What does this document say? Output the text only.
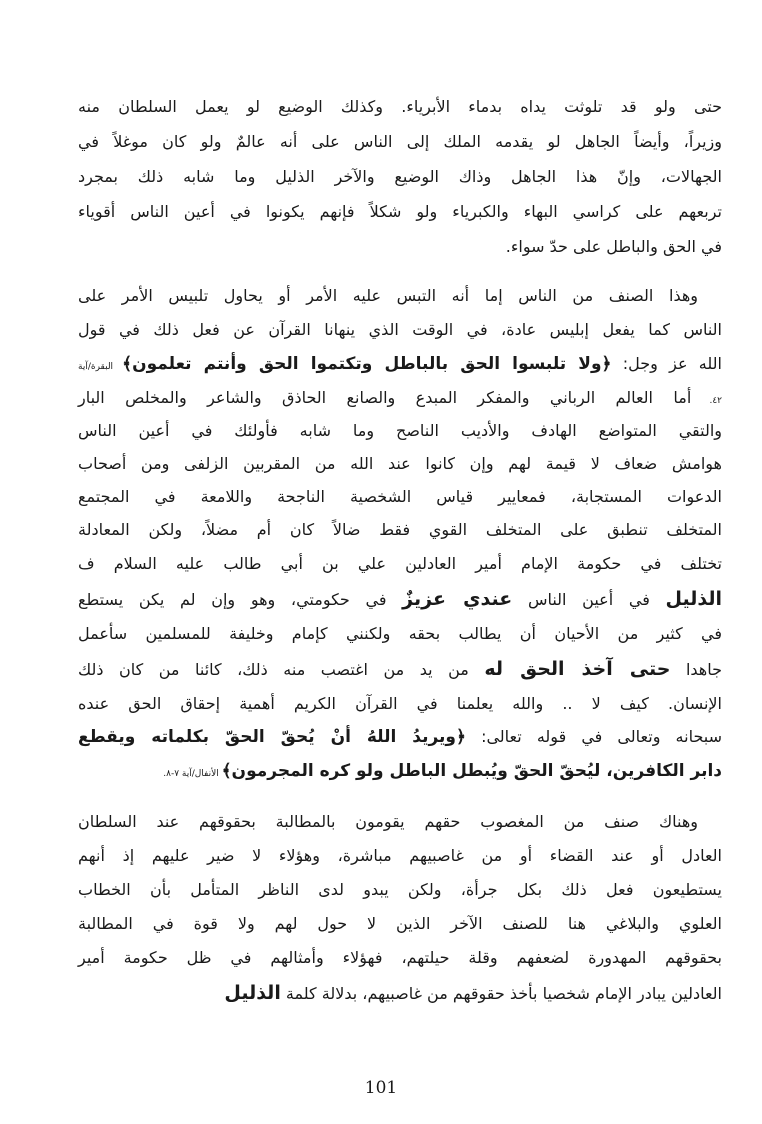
حتى ولو قد تلوثت يداه بدماء الأبرياء. وكذلك الوضيع لو يعمل السلطان منه
وزيراً، وأيضاً الجاهل لو يقدمه الملك إلى الناس على أنه عالمٌ ولو كان موغلاً في
الجهالات، وإنّ هذا الجاهل وذاك الوضيع والآخر الذليل وما شابه ذلك بمجرد
تربعهم على كراسي البهاء والكبرياء ولو شكلاً فإنهم يكونوا في أعين الناس أقوياء
في الحق والباطل على حدّ سواء.
وهذا الصنف من الناس إما أنه التبس عليه الأمر أو يحاول تلبيس الأمر على
الناس كما يفعل إبليس عادة، في الوقت الذي ينهانا القرآن عن فعل ذلك في قول
الله عز وجل: ﴿ولا تلبسوا الحق بالباطل وتكتموا الحق وأنتم تعلمون﴾ البقرة/آية
٤٢. أما العالم الرباني والمفكر المبدع والصانع الحاذق والشاعر والمخلص البار
والتقي المتواضع الهادف والأديب الناصح وما شابه فأولئك في أعين الناس
هوامش ضعاف لا قيمة لهم وإن كانوا عند الله من المقربين الزلفى ومن أصحاب
الدعوات المستجابة، فمعايير قياس الشخصية الناجحة واللامعة في المجتمع
المتخلف تنطبق على المتخلف القوي فقط ضالاً كان أم مضلاً، ولكن المعادلة
تختلف في حكومة الإمام أمير العادلين علي بن أبي طالب عليه السلام ف
الذليل في أعين الناس عندي عزيزٌ في حكومتي، وهو وإن لم يكن يستطع
في كثير من الأحيان أن يطالب بحقه ولكنني كإمام وخليفة للمسلمين سأعمل
جاهدا حتى آخذ الحق له من يد من اغتصب منه ذلك، كائنا من كان ذلك
الإنسان. كيف لا .. والله يعلمنا في القرآن الكريم أهمية إحقاق الحق عنده
سبحانه وتعالى في قوله تعالى: ﴿ويريدُ اللهُ أنْ يُحقّ الحقّ بكلماته ويقطع
دابر الكافرين، ليُحقّ الحقّ ويُبطل الباطل ولو كره المجرمون﴾ الأنفال/آية ٧-٨.
وهناك صنف من المغصوب حقهم يقومون بالمطالبة بحقوقهم عند السلطان
العادل أو عند القضاء أو من غاصبيهم مباشرة، وهؤلاء لا ضير عليهم إذ أنهم
يستطيعون فعل ذلك بكل جرأة، ولكن يبدو لدى الناظر المتأمل بأن الخطاب
العلوي والبلاغي هنا للصنف الآخر الذين لا حول لهم ولا قوة في المطالبة
بحقوقهم المهدورة لضعفهم وقلة حيلتهم، فهؤلاء وأمثالهم في ظل حكومة أمير
العادلين يبادر الإمام شخصيا بأخذ حقوقهم من غاصبيهم، بدلالة كلمة الذليل
101
